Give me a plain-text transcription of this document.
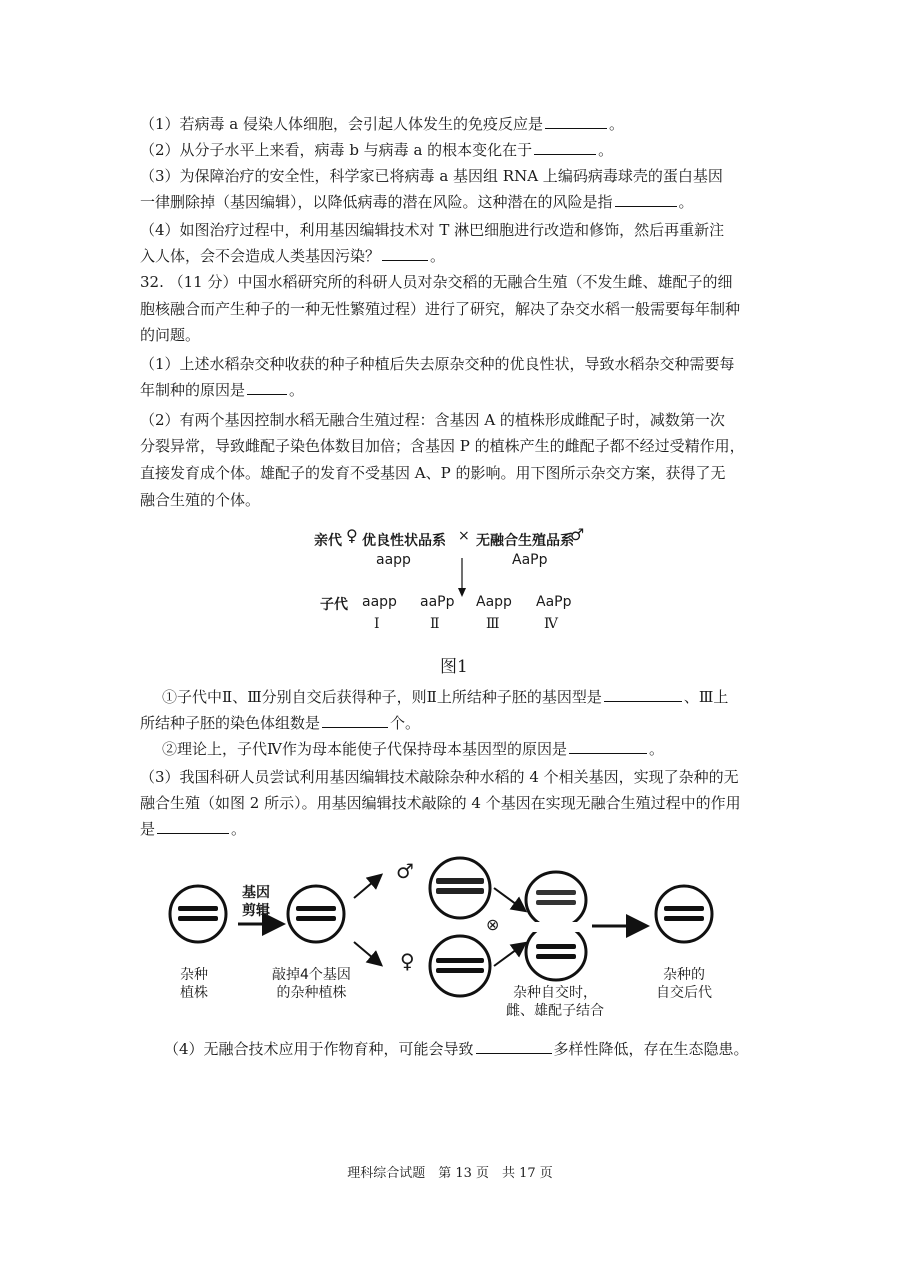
（1）若病毒 a 侵染人体细胞，会引起人体发生的免疫反应是	。
（2）从分子水平上来看，病毒 b 与病毒 a 的根本变化在于	。
（3）为保障治疗的安全性，科学家已将病毒 a 基因组 RNA 上编码病毒球壳的蛋白基因
一律删除掉（基因编辑），以降低病毒的潜在风险。这种潜在的风险是指	。
（4）如图治疗过程中，利用基因编辑技术对 T 淋巴细胞进行改造和修饰，然后再重新注
入人体，会不会造成人类基因污染？	。
32. （11 分）中国水稻研究所的科研人员对杂交稻的无融合生殖（不发生雌、雄配子的细
胞核融合而产生种子的一种无性繁殖过程）进行了研究，解决了杂交水稻一般需要每年制种
的问题。
（1）上述水稻杂交种收获的种子种植后失去原杂交种的优良性状，导致水稻杂交种需要每
年制种的原因是	。
（2）有两个基因控制水稻无融合生殖过程：含基因 A 的植株形成雌配子时，减数第一次
分裂异常，导致雌配子染色体数目加倍；含基因 P 的植株产生的雌配子都不经过受精作用，
直接发育成个体。雄配子的发育不受基因 A、P 的影响。用下图所示杂交方案，获得了无
融合生殖的个体。
亲代 ♀ 优良性状品系 × 无融合生殖品系
♂
aapp	AaPp
子代 aapp aaPp Aapp AaPp
Ⅰ	Ⅱ	Ⅲ	Ⅳ
图1
①子代中Ⅱ、Ⅲ分别自交后获得种子，则Ⅱ上所结种子胚的基因型是	、Ⅲ上
所结种子胚的染色体组数是	个。
②理论上，子代Ⅳ作为母本能使子代保持母本基因型的原因是	。
（3）我国科研人员尝试利用基因编辑技术敲除杂种水稻的 4 个相关基因，实现了杂种的无
融合生殖（如图 2 所示）。用基因编辑技术敲除的 4 个基因在实现无融合生殖过程中的作用
是	。
基因
剪辑
杂种
植株
敲掉4个基因
的杂种植株
♂
♀
⊗
杂种自交时，
雌、雄配子结合
杂种的
自交后代
（4）无融合技术应用于作物育种，可能会导致	多样性降低，存在生态隐患。
理科综合试题　第 13 页　共 17 页
